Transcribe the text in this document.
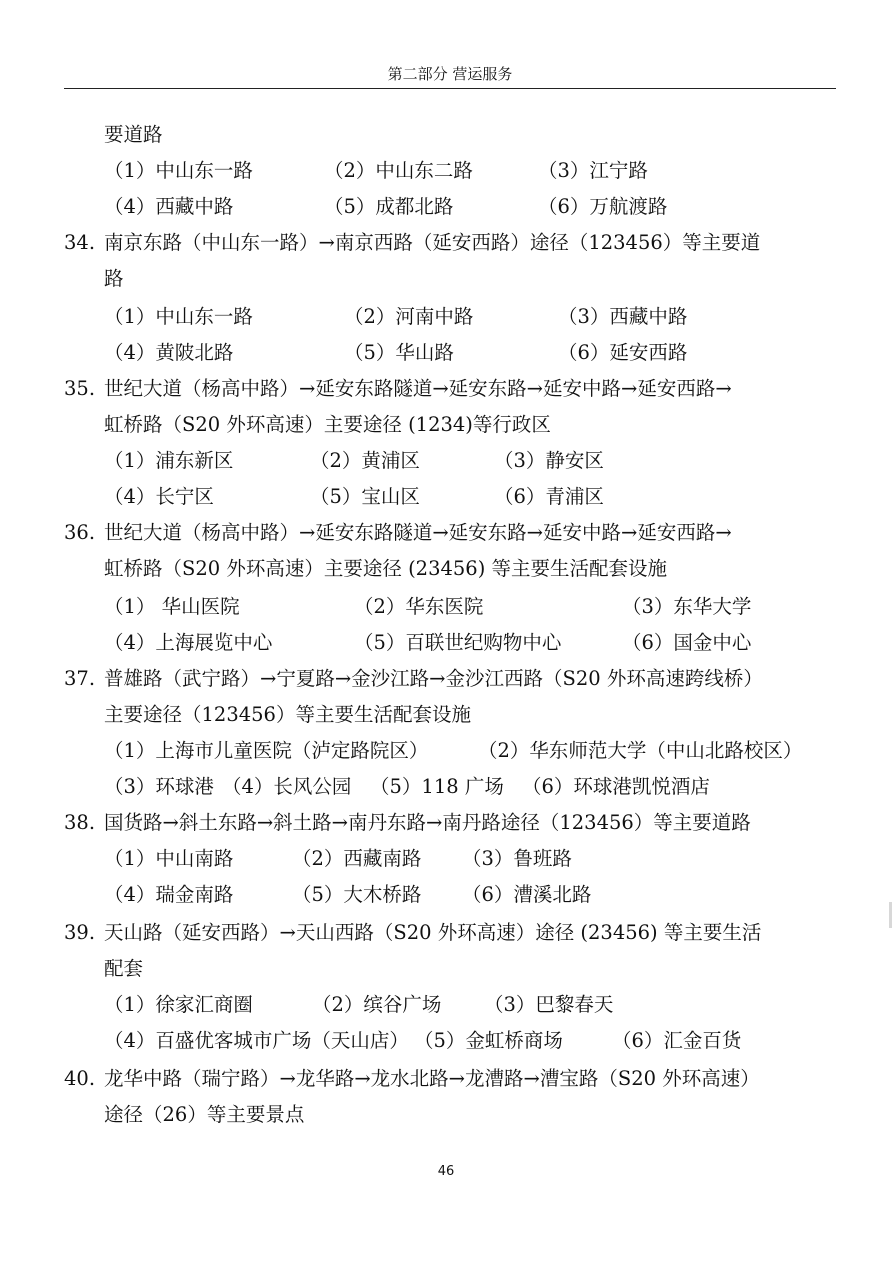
第二部分 营运服务
要道路
（1）中山东一路	（2）中山东二路	（3）江宁路
（4）西藏中路	（5）成都北路	（6）万航渡路
34. 南京东路（中山东一路）→南京西路（延安西路）途径（123456）等主要道
路
（1）中山东一路	（2）河南中路	（3）西藏中路
（4）黄陂北路	（5）华山路	（6）延安西路
35. 世纪大道（杨高中路）→延安东路隧道→延安东路→延安中路→延安西路→
虹桥路（S20 外环高速）主要途径 (1234)等行政区
（1）浦东新区	（2）黄浦区	（3）静安区
（4）长宁区	（5）宝山区	（6）青浦区
36. 世纪大道（杨高中路）→延安东路隧道→延安东路→延安中路→延安西路→
虹桥路（S20 外环高速）主要途径 (23456) 等主要生活配套设施
（1） 华山医院	（2）华东医院	（3）东华大学
（4）上海展览中心	（5）百联世纪购物中心	（6）国金中心
37. 普雄路（武宁路）→宁夏路→金沙江路→金沙江西路（S20 外环高速跨线桥）
主要途径（123456）等主要生活配套设施
（1）上海市儿童医院（泸定路院区）	（2）华东师范大学（中山北路校区）
（3）环球港 （4）长风公园 （5）118 广场 （6）环球港凯悦酒店
38. 国货路→斜土东路→斜土路→南丹东路→南丹路途径（123456）等主要道路
（1）中山南路	（2）西藏南路 （3）鲁班路
（4）瑞金南路	（5）大木桥路 （6）漕溪北路
39. 天山路（延安西路）→天山西路（S20 外环高速）途径 (23456) 等主要生活
配套
（1）徐家汇商圈	（2）缤谷广场 （3）巴黎春天
（4）百盛优客城市广场（天山店） （5）金虹桥商场	（6）汇金百货
40. 龙华中路（瑞宁路）→龙华路→龙水北路→龙漕路→漕宝路（S20 外环高速）
途径（26）等主要景点
46
